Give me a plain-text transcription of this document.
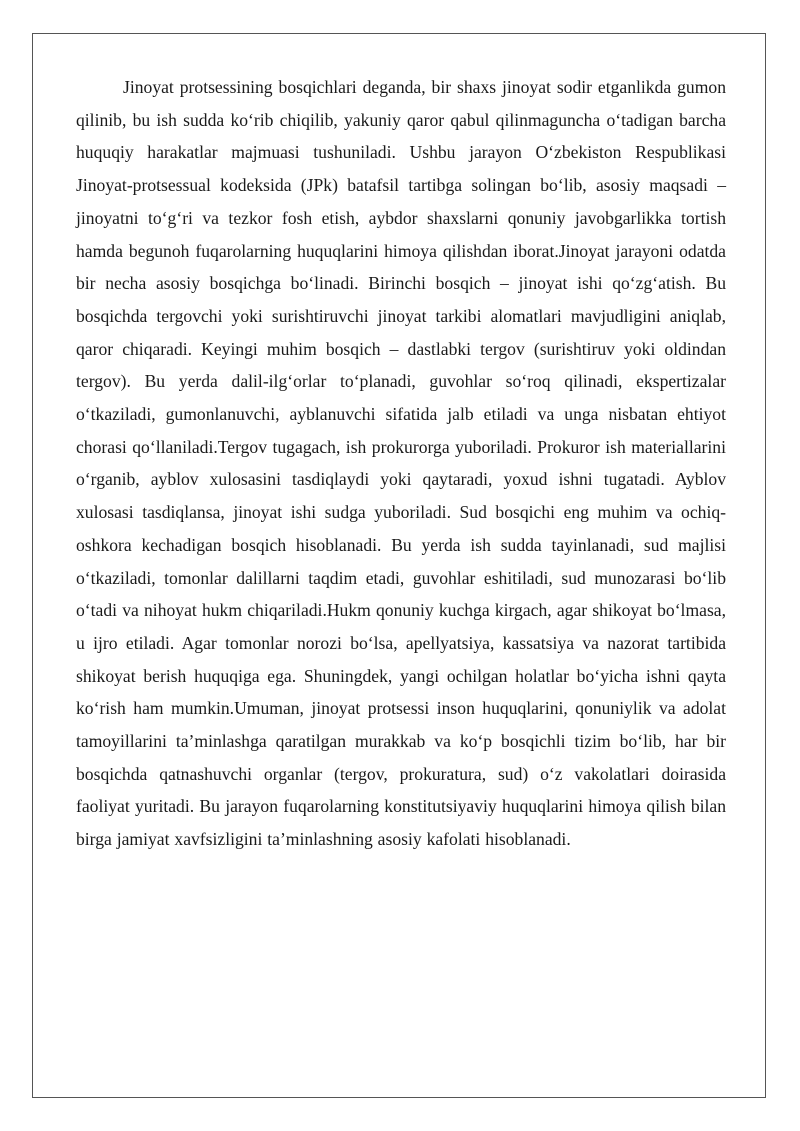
Jinoyat protsessining bosqichlari deganda, bir shaxs jinoyat sodir etganlikda gumon qilinib, bu ish sudda ko‘rib chiqilib, yakuniy qaror qabul qilinmaguncha o‘tadigan barcha huquqiy harakatlar majmuasi tushuniladi. Ushbu jarayon O‘zbekiston Respublikasi Jinoyat-protsessual kodeksida (JPk) batafsil tartibga solingan bo‘lib, asosiy maqsadi – jinoyatni to‘g‘ri va tezkor fosh etish, aybdor shaxslarni qonuniy javobgarlikka tortish hamda begunoh fuqarolarning huquqlarini himoya qilishdan iborat.Jinoyat jarayoni odatda bir necha asosiy bosqichga bo‘linadi. Birinchi bosqich – jinoyat ishi qo‘zg‘atish. Bu bosqichda tergovchi yoki surishtiruvchi jinoyat tarkibi alomatlari mavjudligini aniqlab, qaror chiqaradi. Keyingi muhim bosqich – dastlabki tergov (surishtiruv yoki oldindan tergov). Bu yerda dalil-ilg‘orlar to‘planadi, guvohlar so‘roq qilinadi, ekspertizalar o‘tkaziladi, gumonlanuvchi, ayblanuvchi sifatida jalb etiladi va unga nisbatan ehtiyot chorasi qo‘llaniladi.Tergov tugagach, ish prokurorga yuboriladi. Prokuror ish materiallarini o‘rganib, ayblov xulosasini tasdiqlaydi yoki qaytaradi, yoxud ishni tugatadi. Ayblov xulosasi tasdiqlansa, jinoyat ishi sudga yuboriladi. Sud bosqichi eng muhim va ochiq-oshkora kechadigan bosqich hisoblanadi. Bu yerda ish sudda tayinlanadi, sud majlisi o‘tkaziladi, tomonlar dalillarni taqdim etadi, guvohlar eshitiladi, sud munozarasi bo‘lib o‘tadi va nihoyat hukm chiqariladi.Hukm qonuniy kuchga kirgach, agar shikoyat bo‘lmasa, u ijro etiladi. Agar tomonlar norozi bo‘lsa, apellyatsiya, kassatsiya va nazorat tartibida shikoyat berish huquqiga ega. Shuningdek, yangi ochilgan holatlar bo‘yicha ishni qayta ko‘rish ham mumkin.Umuman, jinoyat protsessi inson huquqlarini, qonuniylik va adolat tamoyillarini ta’minlashga qaratilgan murakkab va ko‘p bosqichli tizim bo‘lib, har bir bosqichda qatnashuvchi organlar (tergov, prokuratura, sud) o‘z vakolatlari doirasida faoliyat yuritadi. Bu jarayon fuqarolarning konstitutsiyaviy huquqlarini himoya qilish bilan birga jamiyat xavfsizligini ta’minlashning asosiy kafolati hisoblanadi.
